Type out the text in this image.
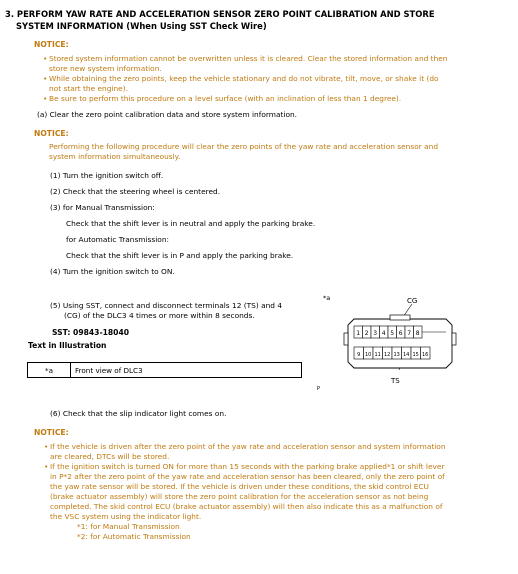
3. PERFORM YAW RATE AND ACCELERATION SENSOR ZERO POINT CALIBRATION AND STORE
SYSTEM INFORMATION (When Using SST Check Wire)
NOTICE:
• Stored system information cannot be overwritten unless it is cleared. Clear the stored information and then
store new system information.
• While obtaining the zero points, keep the vehicle stationary and do not vibrate, tilt, move, or shake it (do
not start the engine).
• Be sure to perform this procedure on a level surface (with an inclination of less than 1 degree).
(a) Clear the zero point calibration data and store system information.
NOTICE:
Performing the following procedure will clear the zero points of the yaw rate and acceleration sensor and
system information simultaneously.
(1) Turn the ignition switch off.
(2) Check that the steering wheel is centered.
(3) for Manual Transmission:
Check that the shift lever is in neutral and apply the parking brake.
for Automatic Transmission:
Check that the shift lever is in P and apply the parking brake.
(4) Turn the ignition switch to ON.
(5) Using SST, connect and disconnect terminals 12 (TS) and 4
(CG) of the DLC3 4 times or more within 8 seconds.
SST: 09843-18040
Text in Illustration
*a	Front view of DLC3
*a	CG
TS
P
1 2 3 4 5 6 7 8
9 10 11 12 13 14 15 16
(6) Check that the slip indicator light comes on.
NOTICE:
• If the vehicle is driven after the zero point of the yaw rate and acceleration sensor and system information
are cleared, DTCs will be stored.
• If the ignition switch is turned ON for more than 15 seconds with the parking brake applied*1 or shift lever
in P*2 after the zero point of the yaw rate and acceleration sensor has been cleared, only the zero point of
the yaw rate sensor will be stored. If the vehicle is driven under these conditions, the skid control ECU
(brake actuator assembly) will store the zero point calibration for the acceleration sensor as not being
completed. The skid control ECU (brake actuator assembly) will then also indicate this as a malfunction of
the VSC system using the indicator light.
*1: for Manual Transmission
*2: for Automatic Transmission
